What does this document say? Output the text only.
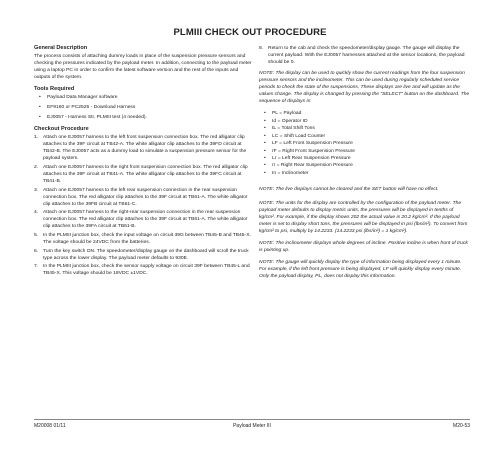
PLMIII CHECK OUT PROCEDURE
General Description

The process consists of attaching dummy loads in place of the suspension pressure sensors and checking the pressures indicated by the payload meter. In addition, connecting to the payload meter using a laptop PC in order to confirm the latest software version and the rest of the inputs and outputs of the system.

Tools Required
• Payload Data Manager software
• EF9160 or PC2525 - Download Harness
• EJ0057 - Harness Str, PLMIII test (4 needed).
Checkout Procedure
1. Attach one EJ0057 harness to the left front suspension connection box. The red alligator clip attaches to the 39F circuit at TB42-A. The white alligator clip attaches to the 39FD circuit at TB42-B. The EJ0057 acts as a dummy load to simulate a suspension pressure sensor for the payload system.
2. Attach one EJ0057 harness to the right front suspension connection box. The red alligator clip attaches to the 39F circuit at TB41-A. The white alligator clip attaches to the 39FC circuit at TB41-B.
3. Attach one EJ0057 harness to the left rear suspension connection in the rear suspension connection box. The red alligator clip attaches to the 39F circuit at TB61-A. The white alligator clip attaches to the 39FB circuit at TB61-C.
4. Attach one EJ0057 harness to the right-rear suspension connection in the rear suspension connection box. The red alligator clip attaches to the 39F circuit at TB61-A. The white alligator clip attaches to the 39FA circuit at TB61-B.
5. In the PLMIII junction box, check the input voltage on circuit 39G between TB45-B and TB45-X. The voltage should be 24VDC from the batteries.
6. Turn the key switch ON. The speedometer/display gauge on the dashboard will scroll the truck type across the lower display. The payload meter defaults to 930E.
7. In the PLMIII junction box, check the sensor supply voltage on circuit 39F between TB45-L and TB45-X. This voltage should be 18VDC ±1VDC.
8. Return to the cab and check the speedometer/display gauge. The gauge will display the current payload. With the EJ0057 harnesses attached at the sensor locations, the payload should be 0.

NOTE: The display can be used to quickly show the current readings from the four suspension pressure sensors and the inclinometer. This can be used during regularly scheduled service periods to check the state of the suspensions. These displays are live and will update as the values change. The display is changed by pressing the "SELECT" button on the dashboard. The sequence of displays is:

• PL = Payload
• Id = Operator ID
• tL = Total Shift Tons
• LC = Shift Load Counter
• LF = Left Front Suspension Pressure
• rF = Right Front Suspension Pressure
• Lr = Left Rear Suspension Pressure
• rr = Right Rear Suspension Pressure
• In = Inclinometer

NOTE: The live displays cannot be cleared and the SET button will have no effect.

NOTE: The units for the display are controlled by the configuration of the payload meter. The payload meter defaults to display metric units, the pressures will be displayed in tenths of kg/cm². For example, if the display shows 202 the actual value is 20.2 kg/cm². If the payload meter is set to display short tons, the pressures will be displayed in psi (lbs/in²). To convert from kg/cm² to psi, multiply by 14.2233. (14.2233 psi (lbs/in²) = 1 kg/cm²).

NOTE: The inclinometer displays whole degrees of incline. Positive incline is when front of truck is pointing up.

NOTE: The gauge will quickly display the type of information being displayed every 1 minute. For example, if the left front pressure is being displayed, LF will quickly display every minute. Only the payload display, PL, does not display this information.

M20008 01/11	Payload Meter III	M20-53
